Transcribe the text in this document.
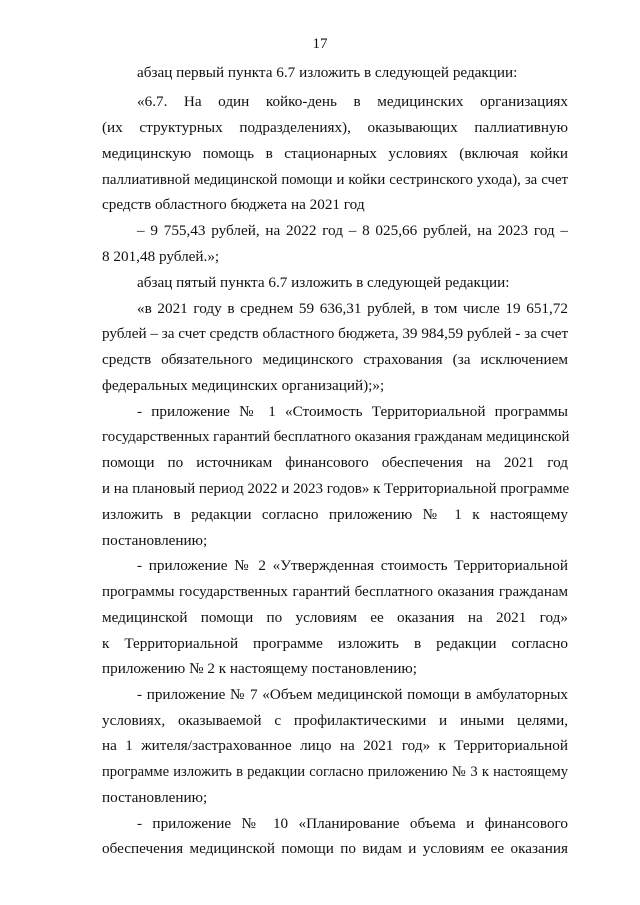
17
абзац первый пункта 6.7 изложить в следующей редакции:
«6.7. На один койко-день в медицинских организациях
(их структурных подразделениях), оказывающих паллиативную
медицинскую помощь в стационарных условиях (включая койки
паллиативной медицинской помощи и койки сестринского ухода), за счет
средств областного бюджета на 2021 год
– 9 755,43 рублей, на 2022 год – 8 025,66 рублей, на 2023 год –
8 201,48 рублей.»;
абзац пятый пункта 6.7 изложить в следующей редакции:
«в 2021 году в среднем 59 636,31 рублей, в том числе 19 651,72
рублей – за счет средств областного бюджета, 39 984,59 рублей - за счет
средств обязательного медицинского страхования (за исключением
федеральных медицинских организаций);»;
- приложение № 1 «Стоимость Территориальной программы
государственных гарантий бесплатного оказания гражданам медицинской
помощи по источникам финансового обеспечения на 2021 год
и на плановый период 2022 и 2023 годов» к Территориальной программе
изложить в редакции согласно приложению № 1 к настоящему
постановлению;
- приложение № 2 «Утвержденная стоимость Территориальной
программы государственных гарантий бесплатного оказания гражданам
медицинской помощи по условиям ее оказания на 2021 год»
к Территориальной программе изложить в редакции согласно
приложению № 2 к настоящему постановлению;
- приложение № 7 «Объем медицинской помощи в амбулаторных
условиях, оказываемой с профилактическими и иными целями,
на 1 жителя/застрахованное лицо на 2021 год» к Территориальной
программе изложить в редакции согласно приложению № 3 к настоящему
постановлению;
- приложение № 10 «Планирование объема и финансового
обеспечения медицинской помощи по видам и условиям ее оказания
